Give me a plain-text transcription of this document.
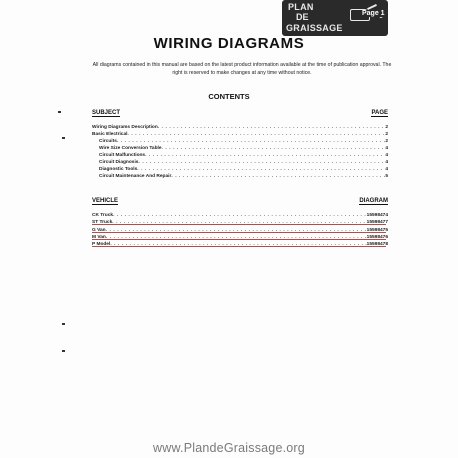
PLAN
DE
GRAISSAGE
Page 1
WIRING DIAGRAMS
All diagrams contained in this manual are based on the latest product information available at the time of publication approval. The right is reserved to make changes at any time without notice.
CONTENTS
SUBJECT	PAGE
Wiring Diagrams Description . . .	2
Basic Electrical . . .	2
Circuits . . .	2
Wire Size Conversion Table . . .	4
Circuit Malfunctions . . .	4
Circuit Diagnosis . . .	4
Diagnostic Tools . . .	4
Circuit Maintenance And Repair . . .	5
VEHICLE	DIAGRAM
CK Truck . . .	15598474
ST Truck . . .	15598477
G Van . . .	15598475
M Van . . .	15598476
P Model . . .	15598478
www.PlandeGraissage.org
